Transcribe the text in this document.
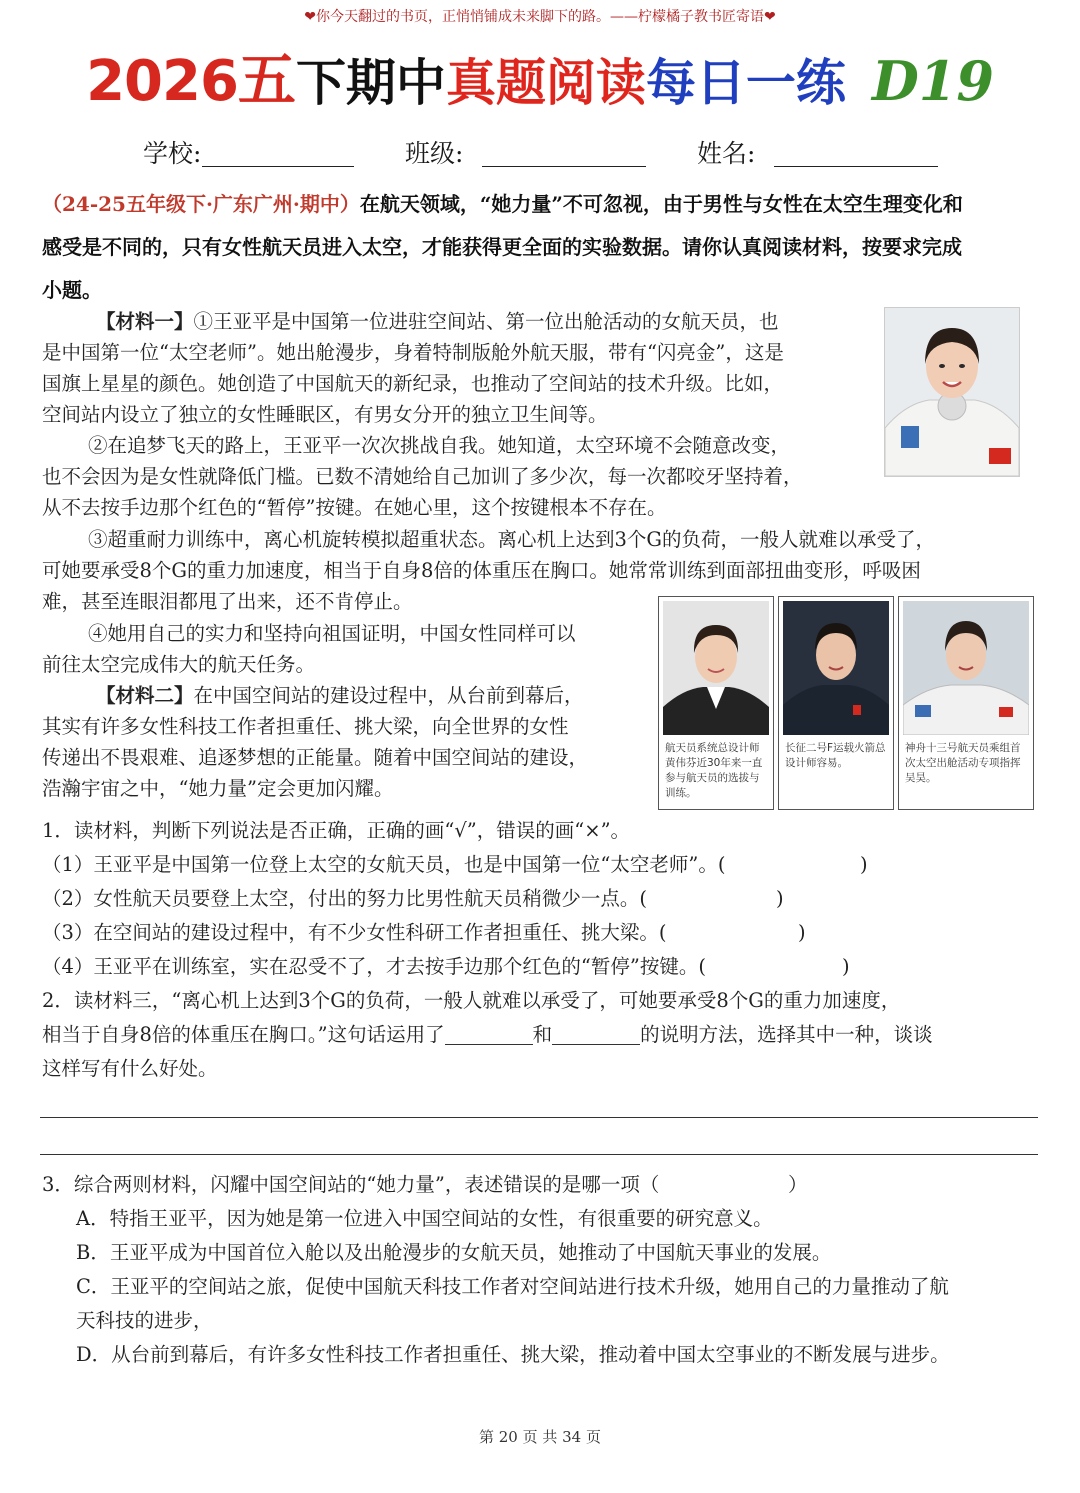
❤你今天翻过的书页，正悄悄铺成未来脚下的路。——柠檬橘子教书匠寄语❤
2026五下期中真题阅读每日一练 D19
学校:	班级:	姓名:
（24-25五年级下·广东广州·期中）在航天领域，“她力量”不可忽视，由于男性与女性在太空生理变化和
感受是不同的，只有女性航天员进入太空，才能获得更全面的实验数据。请你认真阅读材料，按要求完成
小题。
【材料一】①王亚平是中国第一位进驻空间站、第一位出舱活动的女航天员，也
是中国第一位“太空老师”。她出舱漫步，身着特制版舱外航天服，带有“闪亮金”，这是
国旗上星星的颜色。她创造了中国航天的新纪录，也推动了空间站的技术升级。比如，
空间站内设立了独立的女性睡眠区，有男女分开的独立卫生间等。
②在追梦飞天的路上，王亚平一次次挑战自我。她知道，太空环境不会随意改变，
也不会因为是女性就降低门槛。已数不清她给自己加训了多少次，每一次都咬牙坚持着，
从不去按手边那个红色的“暂停”按键。在她心里，这个按键根本不存在。
③超重耐力训练中，离心机旋转模拟超重状态。离心机上达到3个G的负荷，一般人就难以承受了，
可她要承受8个G的重力加速度，相当于自身8倍的体重压在胸口。她常常训练到面部扭曲变形，呼吸困
难，甚至连眼泪都甩了出来，还不肯停止。
④她用自己的实力和坚持向祖国证明，中国女性同样可以
前往太空完成伟大的航天任务。
【材料二】在中国空间站的建设过程中，从台前到幕后，
其实有许多女性科技工作者担重任、挑大梁，向全世界的女性
传递出不畏艰难、追逐梦想的正能量。随着中国空间站的建设，
浩瀚宇宙之中，“她力量”定会更加闪耀。
航天员系统总设计师黄伟芬近30年来一直参与航天员的选拔与训练。
长征二号F运载火箭总设计师容易。
神舟十三号航天员乘组首次太空出舱活动专项指挥吴昊。
1．读材料，判断下列说法是否正确，正确的画“√”，错误的画“×”。
（1）王亚平是中国第一位登上太空的女航天员，也是中国第一位“太空老师”。(	)
（2）女性航天员要登上太空，付出的努力比男性航天员稍微少一点。(	)
（3）在空间站的建设过程中，有不少女性科研工作者担重任、挑大梁。(	)
（4）王亚平在训练室，实在忍受不了，才去按手边那个红色的“暂停”按键。(	)
2．读材料三，“离心机上达到3个G的负荷，一般人就难以承受了，可她要承受8个G的重力加速度，
相当于自身8倍的体重压在胸口。”这句话运用了	和	的说明方法，选择其中一种，谈谈
这样写有什么好处。
3．综合两则材料，闪耀中国空间站的“她力量”，表述错误的是哪一项（	）
A．特指王亚平，因为她是第一位进入中国空间站的女性，有很重要的研究意义。
B．王亚平成为中国首位入舱以及出舱漫步的女航天员，她推动了中国航天事业的发展。
C．王亚平的空间站之旅，促使中国航天科技工作者对空间站进行技术升级，她用自己的力量推动了航
天科技的进步，
D．从台前到幕后，有许多女性科技工作者担重任、挑大梁，推动着中国太空事业的不断发展与进步。
第 20 页 共 34 页
